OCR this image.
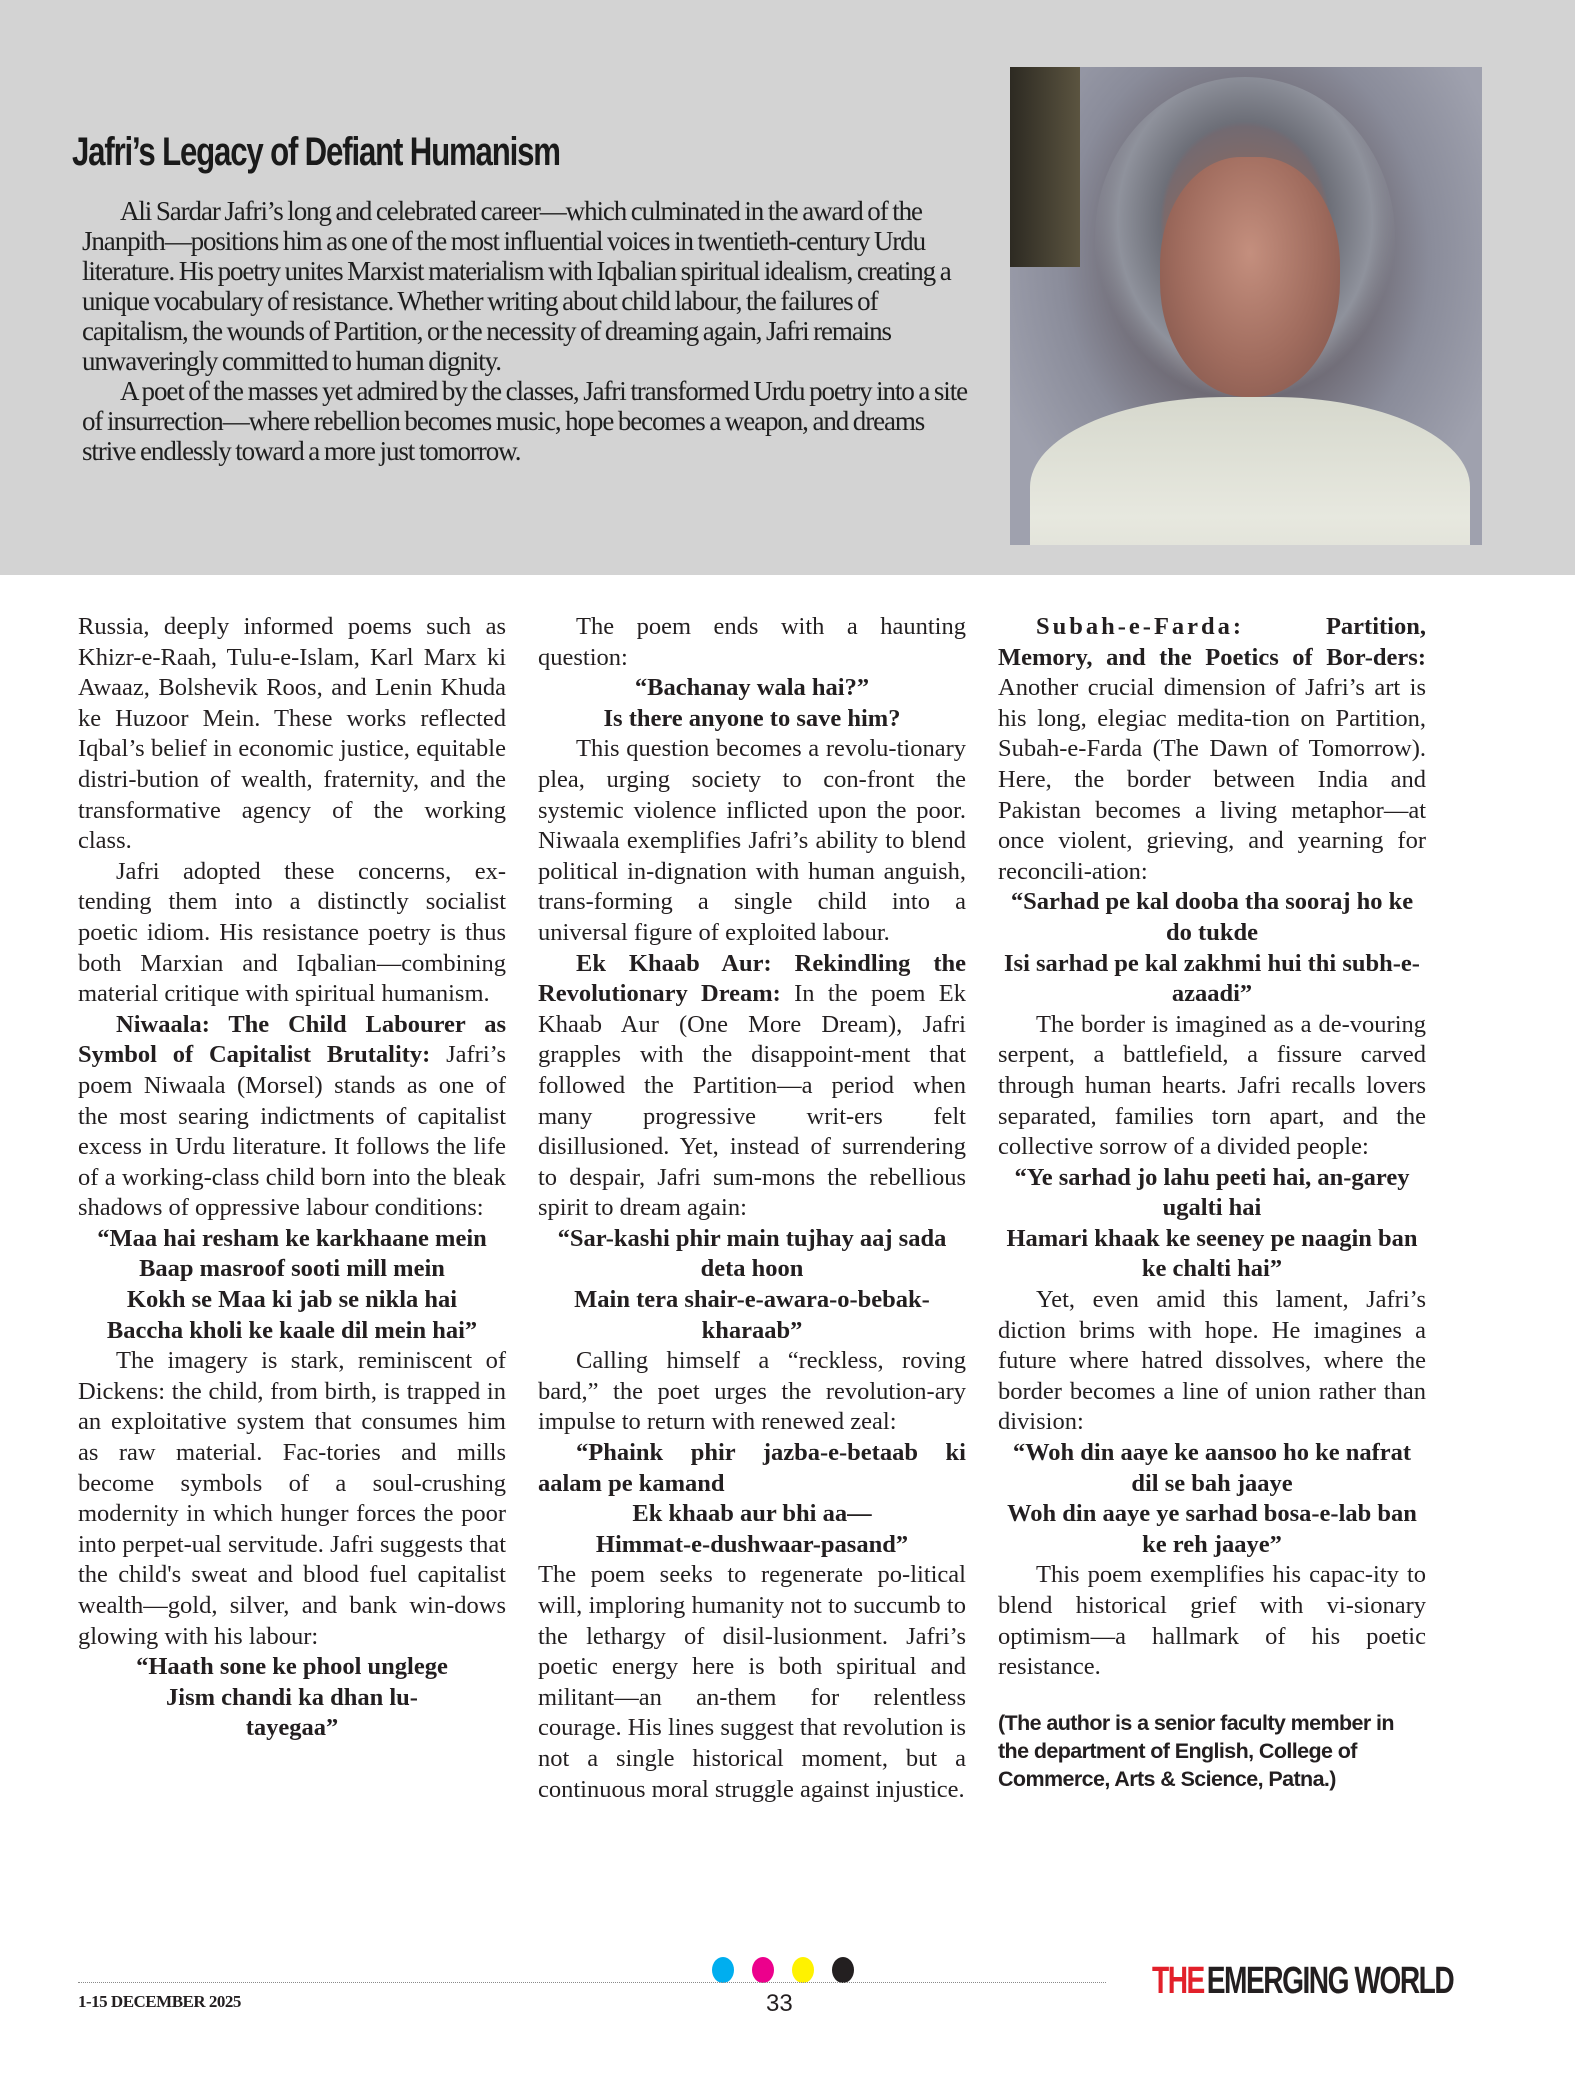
Jafri’s Legacy of Defiant Humanism

Ali Sardar Jafri’s long and celebrated career—which culminated in the award of the Jnanpith—positions him as one of the most influential voices in twentieth-century Urdu literature. His poetry unites Marxist materialism with Iqbalian spiritual idealism, creating a unique vocabulary of resistance. Whether writing about child labour, the failures of capitalism, the wounds of Partition, or the necessity of dreaming again, Jafri remains unwaveringly committed to human dignity.

A poet of the masses yet admired by the classes, Jafri transformed Urdu poetry into a site of insurrection—where rebellion becomes music, hope becomes a weapon, and dreams strive endlessly toward a more just tomorrow.

Russia, deeply informed poems such as Khizr-e-Raah, Tulu-e-Islam, Karl Marx ki Awaaz, Bolshevik Roos, and Lenin Khuda ke Huzoor Mein. These works reflected Iqbal’s belief in economic justice, equitable distri-bution of wealth, fraternity, and the transformative agency of the working class.

Jafri adopted these concerns, ex-tending them into a distinctly socialist poetic idiom. His resistance poetry is thus both Marxian and Iqbalian—combining material critique with spiritual humanism.

Niwaala: The Child Labourer as Symbol of Capitalist Brutality: Jafri’s poem Niwaala (Morsel) stands as one of the most searing indictments of capitalist excess in Urdu literature. It follows the life of a working-class child born into the bleak shadows of oppressive labour conditions:

“Maa hai resham ke karkhaane mein
Baap masroof sooti mill mein
Kokh se Maa ki jab se nikla hai
Baccha kholi ke kaale dil mein hai”

The imagery is stark, reminiscent of Dickens: the child, from birth, is trapped in an exploitative system that consumes him as raw material. Fac-tories and mills become symbols of a soul-crushing modernity in which hunger forces the poor into perpet-ual servitude. Jafri suggests that the child's sweat and blood fuel capitalist wealth—gold, silver, and bank win-dows glowing with his labour:

“Haath sone ke phool unglege
Jism chandi ka dhan lu-
tayegaa”

The poem ends with a haunting question:

“Bachanay wala hai?”
Is there anyone to save him?

This question becomes a revolu-tionary plea, urging society to con-front the systemic violence inflicted upon the poor. Niwaala exemplifies Jafri’s ability to blend political in-dignation with human anguish, trans-forming a single child into a universal figure of exploited labour.

Ek Khaab Aur: Rekindling the Revolutionary Dream: In the poem Ek Khaab Aur (One More Dream), Jafri grapples with the disappoint-ment that followed the Partition—a period when many progressive writ-ers felt disillusioned. Yet, instead of surrendering to despair, Jafri sum-mons the rebellious spirit to dream again:

“Sar-kashi phir main tujhay aaj sada deta hoon
Main tera shair-e-awara-o-bebak-kharaab”

Calling himself a “reckless, roving bard,” the poet urges the revolution-ary impulse to return with renewed zeal:

“Phaink phir jazba-e-betaab ki aalam pe kamand

Ek khaab aur bhi aa—
Himmat-e-dushwaar-pasand”

The poem seeks to regenerate po-litical will, imploring humanity not to succumb to the lethargy of disil-lusionment. Jafri’s poetic energy here is both spiritual and militant—an an-them for relentless courage. His lines suggest that revolution is not a single historical moment, but a continuous moral struggle against injustice.

Subah-e-Farda: Partition, Memory, and the Poetics of Bor-ders: Another crucial dimension of Jafri’s art is his long, elegiac medita-tion on Partition, Subah-e-Farda (The Dawn of Tomorrow). Here, the border between India and Pakistan becomes a living metaphor—at once violent, grieving, and yearning for reconcili-ation:

“Sarhad pe kal dooba tha sooraj ho ke do tukde
Isi sarhad pe kal zakhmi hui thi subh-e-azaadi”

The border is imagined as a de-vouring serpent, a battlefield, a fissure carved through human hearts. Jafri recalls lovers separated, families torn apart, and the collective sorrow of a divided people:

“Ye sarhad jo lahu peeti hai, an-garey ugalti hai
Hamari khaak ke seeney pe naagin ban ke chalti hai”

Yet, even amid this lament, Jafri’s diction brims with hope. He imagines a future where hatred dissolves, where the border becomes a line of union rather than division:

“Woh din aaye ke aansoo ho ke nafrat dil se bah jaaye
Woh din aaye ye sarhad bosa-e-lab ban ke reh jaaye”

This poem exemplifies his capac-ity to blend historical grief with vi-sionary optimism—a hallmark of his poetic resistance.

(The author is a senior faculty member in the department of English, College of Commerce, Arts & Science, Patna.)

1-15 DECEMBER 2025	33
THEEMERGING WORLD
